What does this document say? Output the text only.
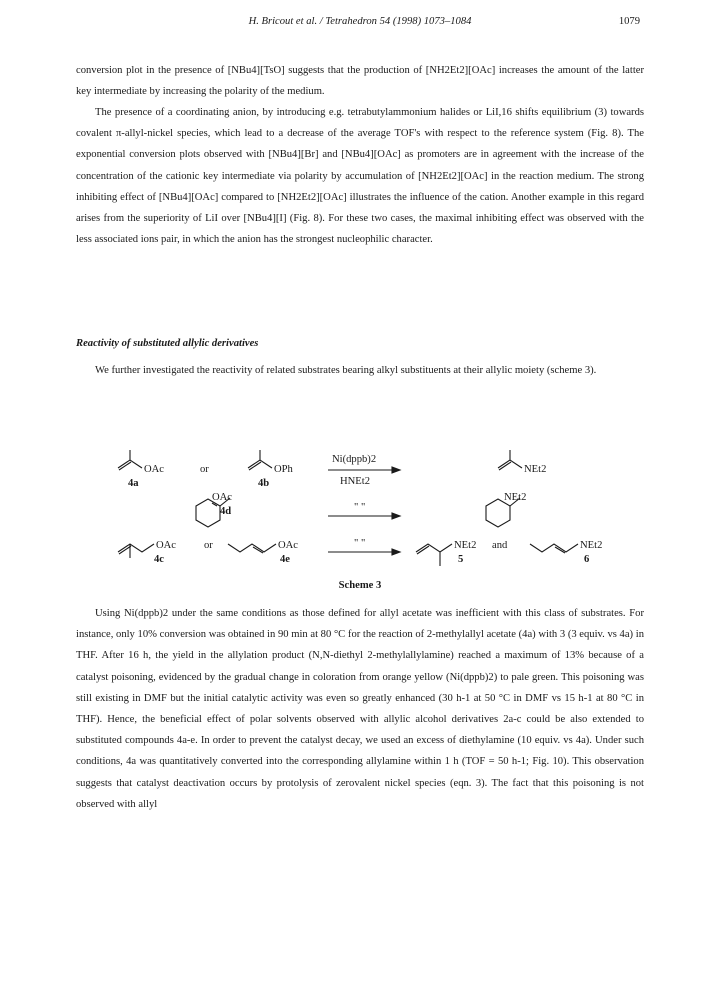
H. Bricout et al. / Tetrahedron 54 (1998) 1073–1084	1079

conversion plot in the presence of [NBu4][TsO] suggests that the production of [NH2Et2][OAc] increases the amount of the latter key intermediate by increasing the polarity of the medium.

The presence of a coordinating anion, by introducing e.g. tetrabutylammonium halides or LiI,16 shifts equilibrium (3) towards covalent π-allyl-nickel species, which lead to a decrease of the average TOF's with respect to the reference system (Fig. 8). The exponential conversion plots observed with [NBu4][Br] and [NBu4][OAc] as promoters are in agreement with the increase of the concentration of the cationic key intermediate via polarity by accumulation of [NH2Et2][OAc] in the reaction medium. The strong inhibiting effect of [NBu4][OAc] compared to [NH2Et2][OAc] illustrates the influence of the cation. Another example in this regard arises from the superiority of LiI over [NBu4][I] (Fig. 8). For these two cases, the maximal inhibiting effect was observed with the less associated ions pair, in which the anion has the strongest nucleophilic character.

Reactivity of substituted allylic derivatives

We further investigated the reactivity of related substrates bearing alkyl substituents at their allylic moiety (scheme 3).

OAc
4a
or	OPh
4b
Ni(dppb)2
HNEt2
NEt2
OAc
4d	" "
NEt2
OAc
4c
or	OAc
4e
" "	NEt2
5
and	NEt2
6
Scheme 3

Using Ni(dppb)2 under the same conditions as those defined for allyl acetate was inefficient with this class of substrates. For instance, only 10% conversion was obtained in 90 min at 80 °C for the reaction of 2-methylallyl acetate (4a) with 3 (3 equiv. vs 4a) in THF. After 16 h, the yield in the allylation product (N,N-diethyl 2-methylallylamine) reached a maximum of 13% because of a catalyst poisoning, evidenced by the gradual change in coloration from orange yellow (Ni(dppb)2) to pale green. This poisoning was still existing in DMF but the initial catalytic activity was even so greatly enhanced (30 h-1 at 50 °C in DMF vs 15 h-1 at 80 °C in THF). Hence, the beneficial effect of polar solvents observed with allylic alcohol derivatives 2a-c could be also extended to substituted compounds 4a-e. In order to prevent the catalyst decay, we used an excess of diethylamine (10 equiv. vs 4a). Under such conditions, 4a was quantitatively converted into the corresponding allylamine within 1 h (TOF = 50 h-1; Fig. 10). This observation suggests that catalyst deactivation occurs by protolysis of zerovalent nickel species (eqn. 3). The fact that this poisoning is not observed with allyl
